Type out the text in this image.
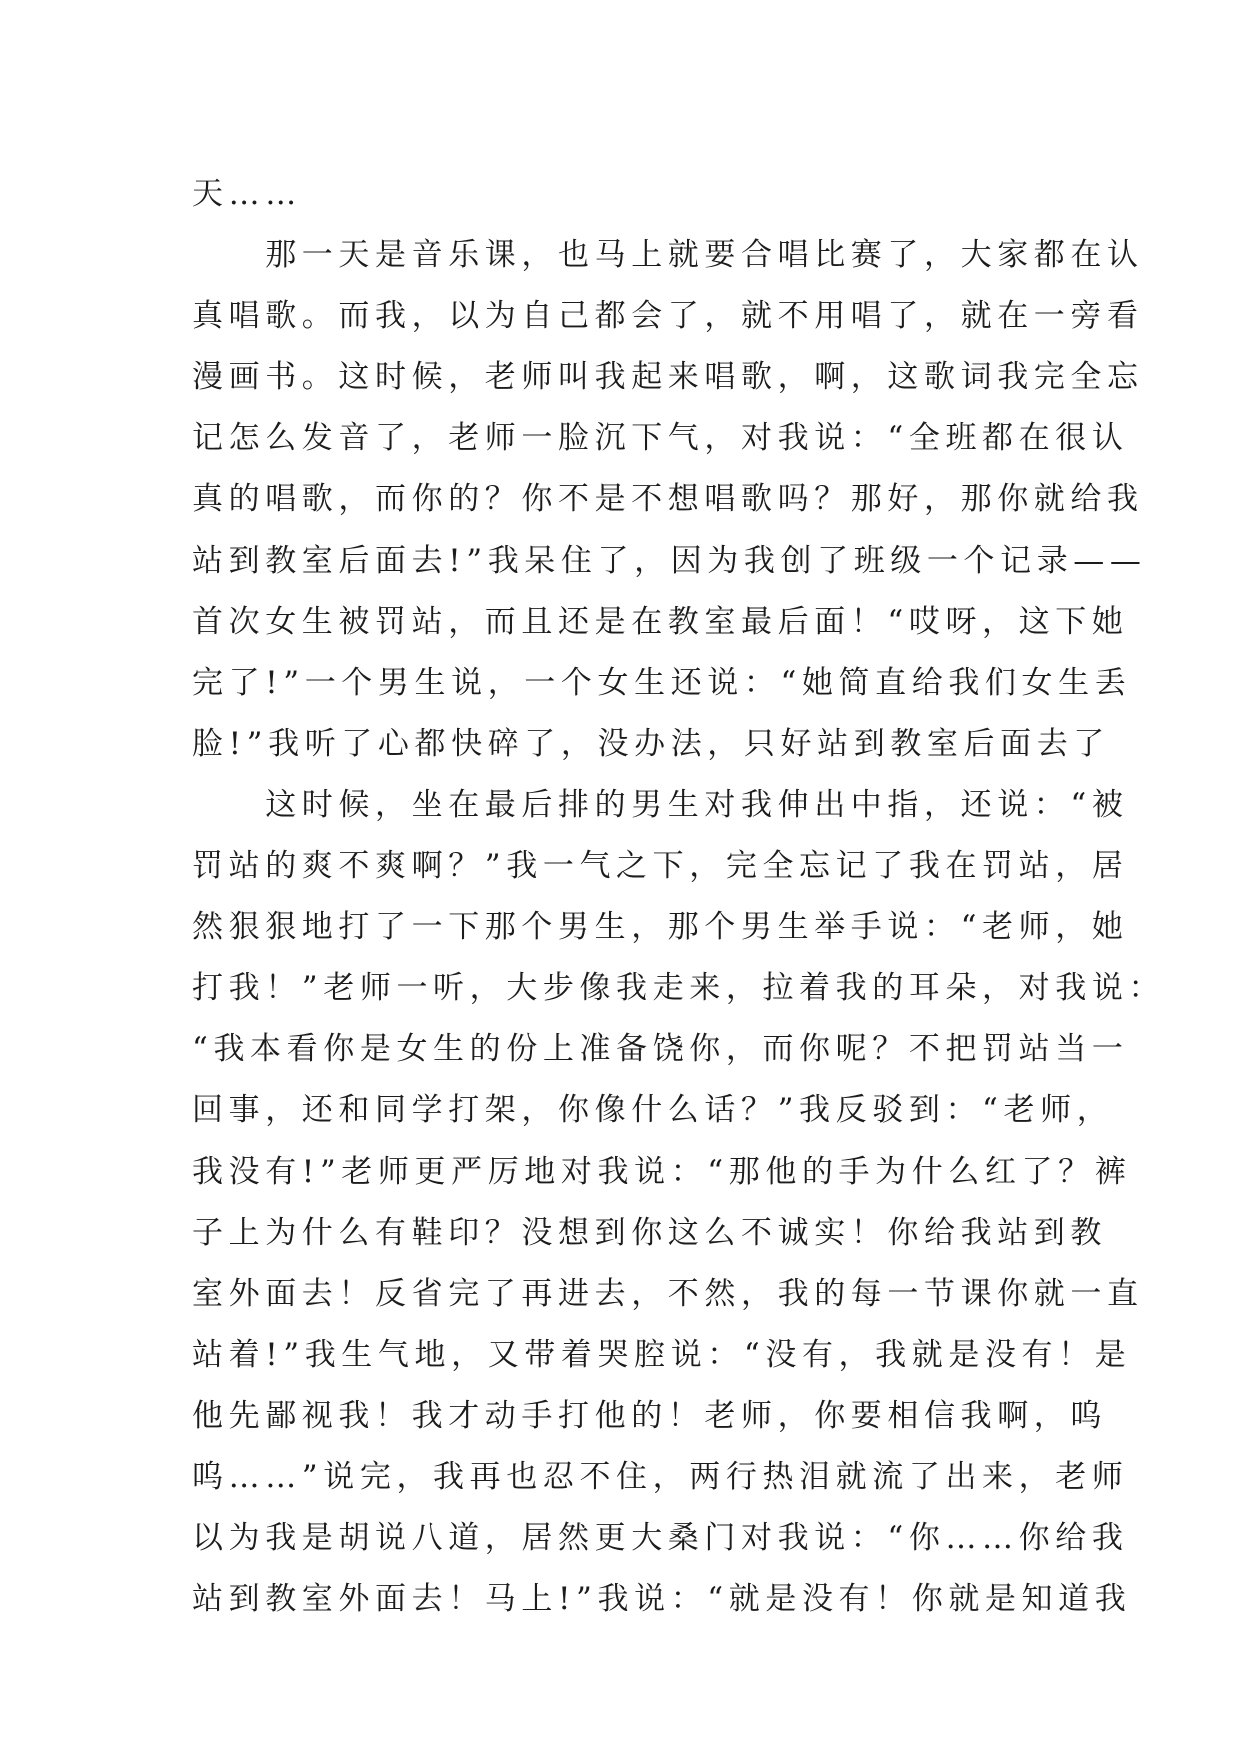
天……
　　那一天是音乐课，也马上就要合唱比赛了，大家都在认
真唱歌。而我，以为自己都会了，就不用唱了，就在一旁看
漫画书。这时候，老师叫我起来唱歌，啊，这歌词我完全忘
记怎么发音了，老师一脸沉下气，对我说：“全班都在很认
真的唱歌，而你的？你不是不想唱歌吗？那好，那你就给我
站到教室后面去!”我呆住了，因为我创了班级一个记录——
首次女生被罚站，而且还是在教室最后面！“哎呀，这下她
完了!”一个男生说，一个女生还说：“她简直给我们女生丢
脸!”我听了心都快碎了，没办法，只好站到教室后面去了
　　这时候，坐在最后排的男生对我伸出中指，还说：“被
罚站的爽不爽啊？”我一气之下，完全忘记了我在罚站，居
然狠狠地打了一下那个男生，那个男生举手说：“老师，她
打我！”老师一听，大步像我走来，拉着我的耳朵，对我说：
“我本看你是女生的份上准备饶你，而你呢？不把罚站当一
回事，还和同学打架，你像什么话？”我反驳到：“老师，
我没有!”老师更严厉地对我说：“那他的手为什么红了？裤
子上为什么有鞋印？没想到你这么不诚实！你给我站到教
室外面去！反省完了再进去，不然，我的每一节课你就一直
站着!”我生气地，又带着哭腔说：“没有，我就是没有！是
他先鄙视我！我才动手打他的！老师，你要相信我啊，呜
呜……”说完，我再也忍不住，两行热泪就流了出来，老师
以为我是胡说八道，居然更大桑门对我说：“你……你给我
站到教室外面去！马上!”我说：“就是没有！你就是知道我
